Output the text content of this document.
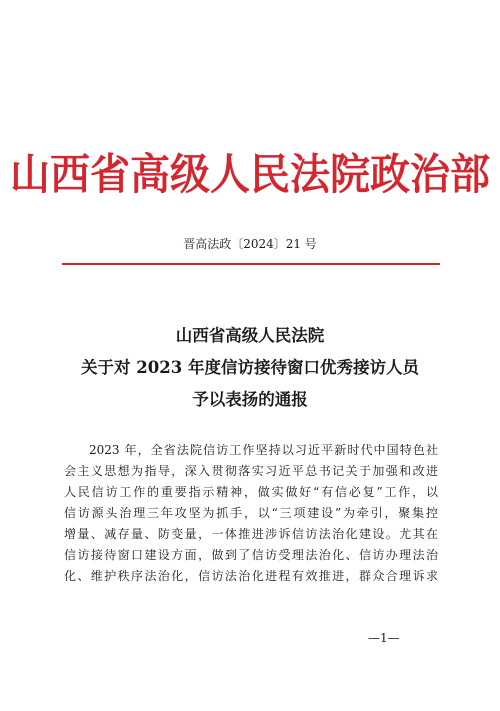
山西省高级人民法院政治部
晋高法政〔2024〕21 号
山西省高级人民法院
关于对 2023 年度信访接待窗口优秀接访人员
予以表扬的通报
2023 年，全省法院信访工作坚持以习近平新时代中国特色社
会主义思想为指导，深入贯彻落实习近平总书记关于加强和改进
人民信访工作的重要指示精神，做实做好“有信必复”工作，以
信访源头治理三年攻坚为抓手，以“三项建设”为牵引，聚集控
增量、减存量、防变量，一体推进涉诉信访法治化建设。尤其在
信访接待窗口建设方面，做到了信访受理法治化、信访办理法治
化、维护秩序法治化，信访法治化进程有效推进，群众合理诉求
—1—
